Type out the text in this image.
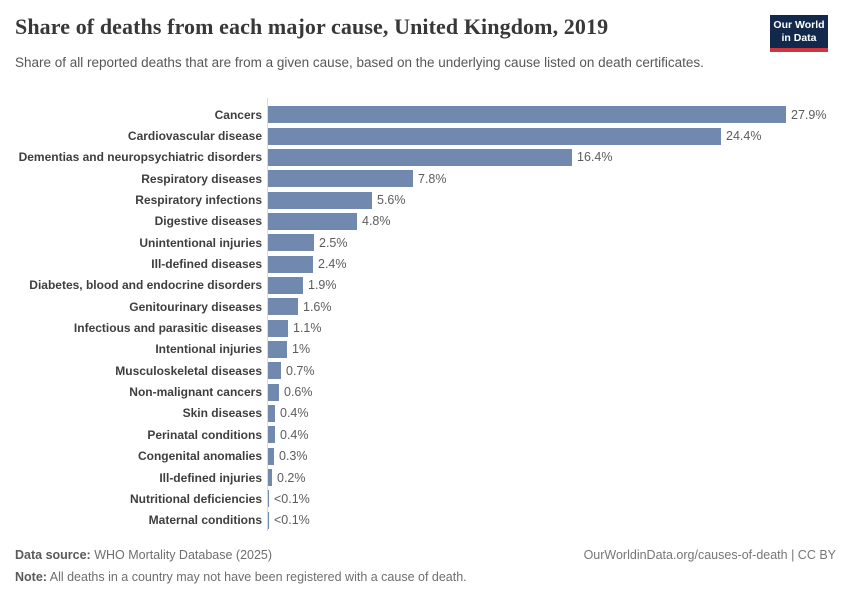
Share of deaths from each major cause, United Kingdom, 2019

Share of all reported deaths that are from a given cause, based on the underlying cause listed on death certificates.

Our World
in Data
Cancers	27.9%
Cardiovascular disease	24.4%
Dementias and neuropsychiatric disorders	16.4%
Respiratory diseases	7.8%
Respiratory infections	5.6%
Digestive diseases	4.8%
Unintentional injuries	2.5%
Ill-defined diseases	2.4%
Diabetes, blood and endocrine disorders	1.9%
Genitourinary diseases	1.6%
Infectious and parasitic diseases 1.1%
Intentional injuries 1%
Musculoskeletal diseases 0.7%
Non-malignant cancers 0.6%
Skin diseases 0.4%
Perinatal conditions 0.4%
Congenital anomalies 0.3%
Ill-defined injuries 0.2%
Nutritional deficiencies <0.1%
Maternal conditions <0.1%
Data source: WHO Mortality Database (2025)
Note: All deaths in a country may not have been registered with a cause of death.
OurWorldinData.org/causes-of-death | CC BY
